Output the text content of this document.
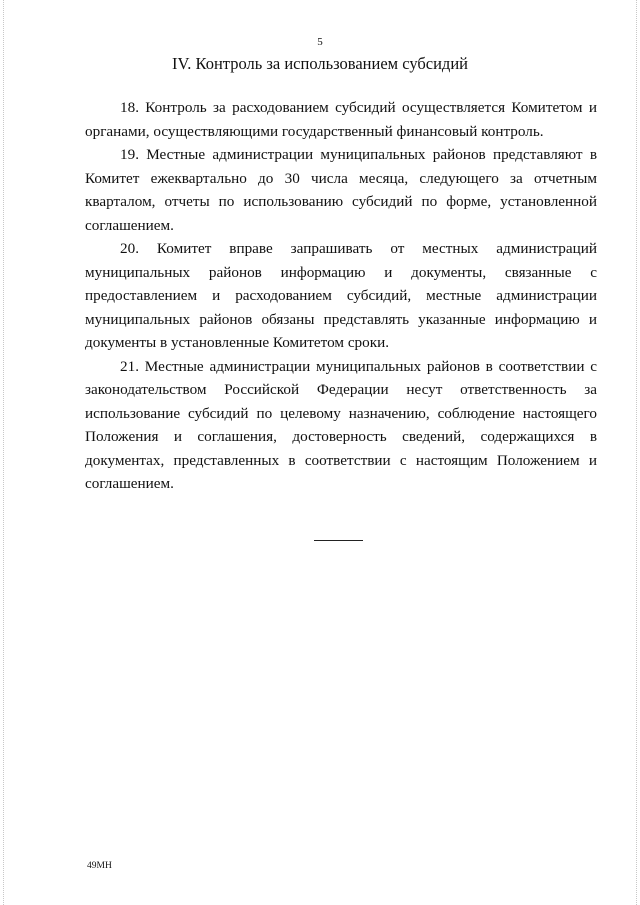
5
IV. Контроль за использованием субсидий

18. Контроль за расходованием субсидий осуществляется Комитетом и органами, осуществляющими государственный финансовый контроль.

19. Местные администрации муниципальных районов представляют в Комитет ежеквартально до 30 числа месяца, следующего за отчетным кварталом, отчеты по использованию субсидий по форме, установленной соглашением.

20. Комитет вправе запрашивать от местных администраций муниципальных районов информацию и документы, связанные с предоставлением и расходованием субсидий, местные администрации муниципальных районов обязаны представлять указанные информацию и документы в установленные Комитетом сроки.

21. Местные администрации муниципальных районов в соответствии с законодательством Российской Федерации несут ответственность за использование субсидий по целевому назначению, соблюдение настоящего Положения и соглашения, достоверность сведений, содержащихся в документах, представленных в соответствии с настоящим Положением и соглашением.

49МН
